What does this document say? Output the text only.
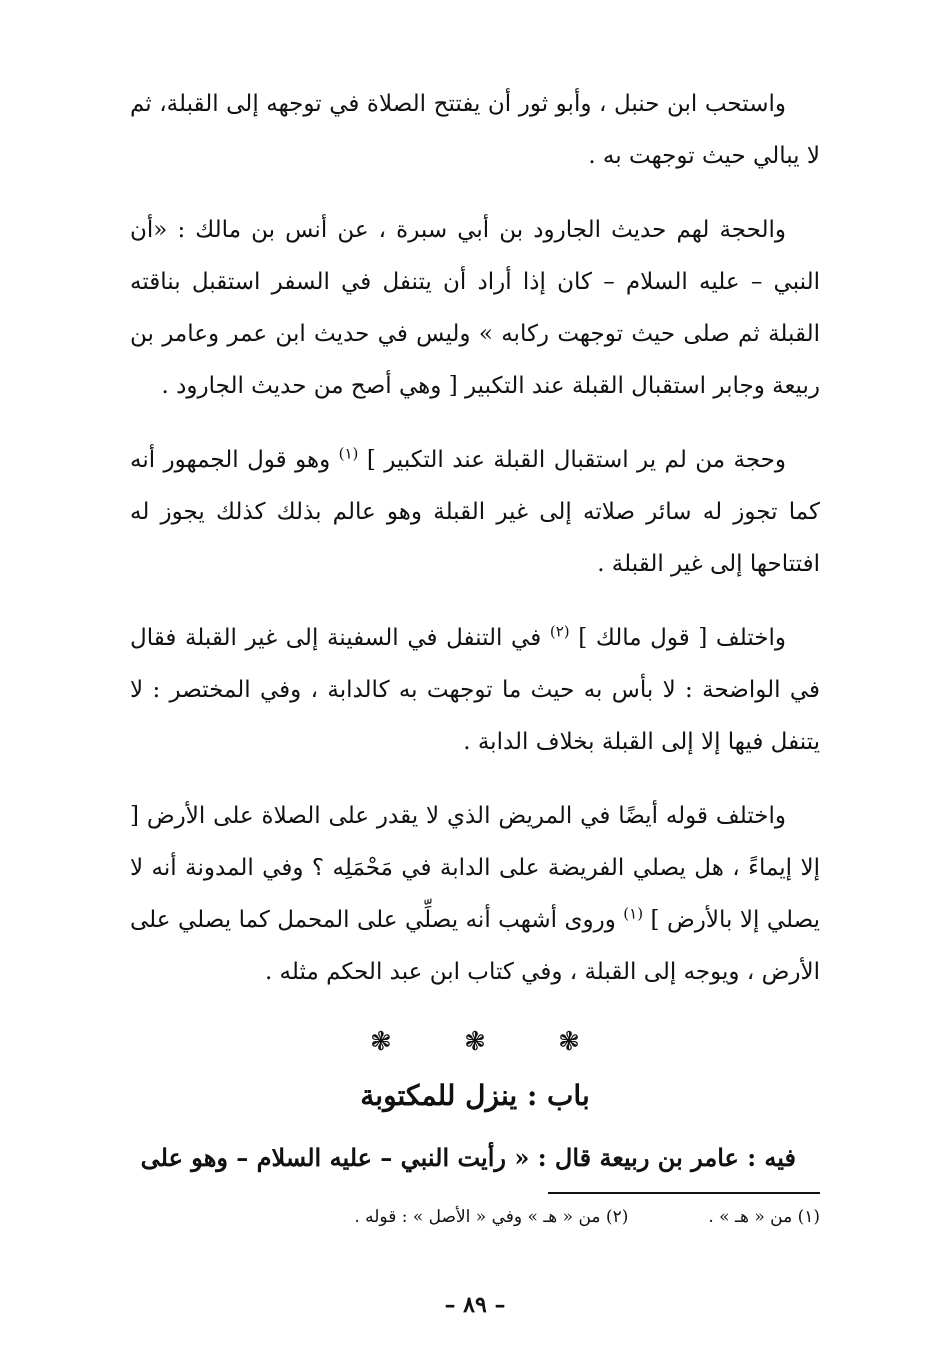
واستحب ابن حنبل ، وأبو ثور أن يفتتح الصلاة في توجهه إلى القبلة، ثم لا يبالي حيث توجهت به .

والحجة لهم حديث الجارود بن أبي سبرة ، عن أنس بن مالك : «أن النبي – عليه السلام – كان إذا أراد أن يتنفل في السفر استقبل بناقته القبلة ثم صلى حيث توجهت ركابه » وليس في حديث ابن عمر وعامر بن ربيعة وجابر استقبال القبلة عند التكبير [ وهي أصح من حديث الجارود .

وحجة من لم ير استقبال القبلة عند التكبير ] $^{(١)}$ وهو قول الجمهور أنه كما تجوز له سائر صلاته إلى غير القبلة وهو عالم بذلك كذلك يجوز له افتتاحها إلى غير القبلة .

واختلف [ قول مالك ] $^{(٢)}$ في التنفل في السفينة إلى غير القبلة فقال في الواضحة : لا بأس به حيث ما توجهت به كالدابة ، وفي المختصر : لا يتنفل فيها إلا إلى القبلة بخلاف الدابة .

واختلف قوله أيضًا في المريض الذي لا يقدر على الصلاة على الأرض [ إلا إيماءً ، هل يصلي الفريضة على الدابة في مَحْمَلِه ؟ وفي المدونة أنه لا يصلي إلا بالأرض ] $^{(١)}$ وروى أشهب أنه يصلِّي على المحمل كما يصلي على الأرض ، ويوجه إلى القبلة ، وفي كتاب ابن عبد الحكم مثله .

❃ ❃ ❃
باب : ينزل للمكتوبة

فيه : عامر بن ربيعة قال : « رأيت النبي – عليه السلام – وهو على

(١) من « هـ » .
(٢) من « هـ » وفي « الأصل » : قوله .
– ٨٩ –
